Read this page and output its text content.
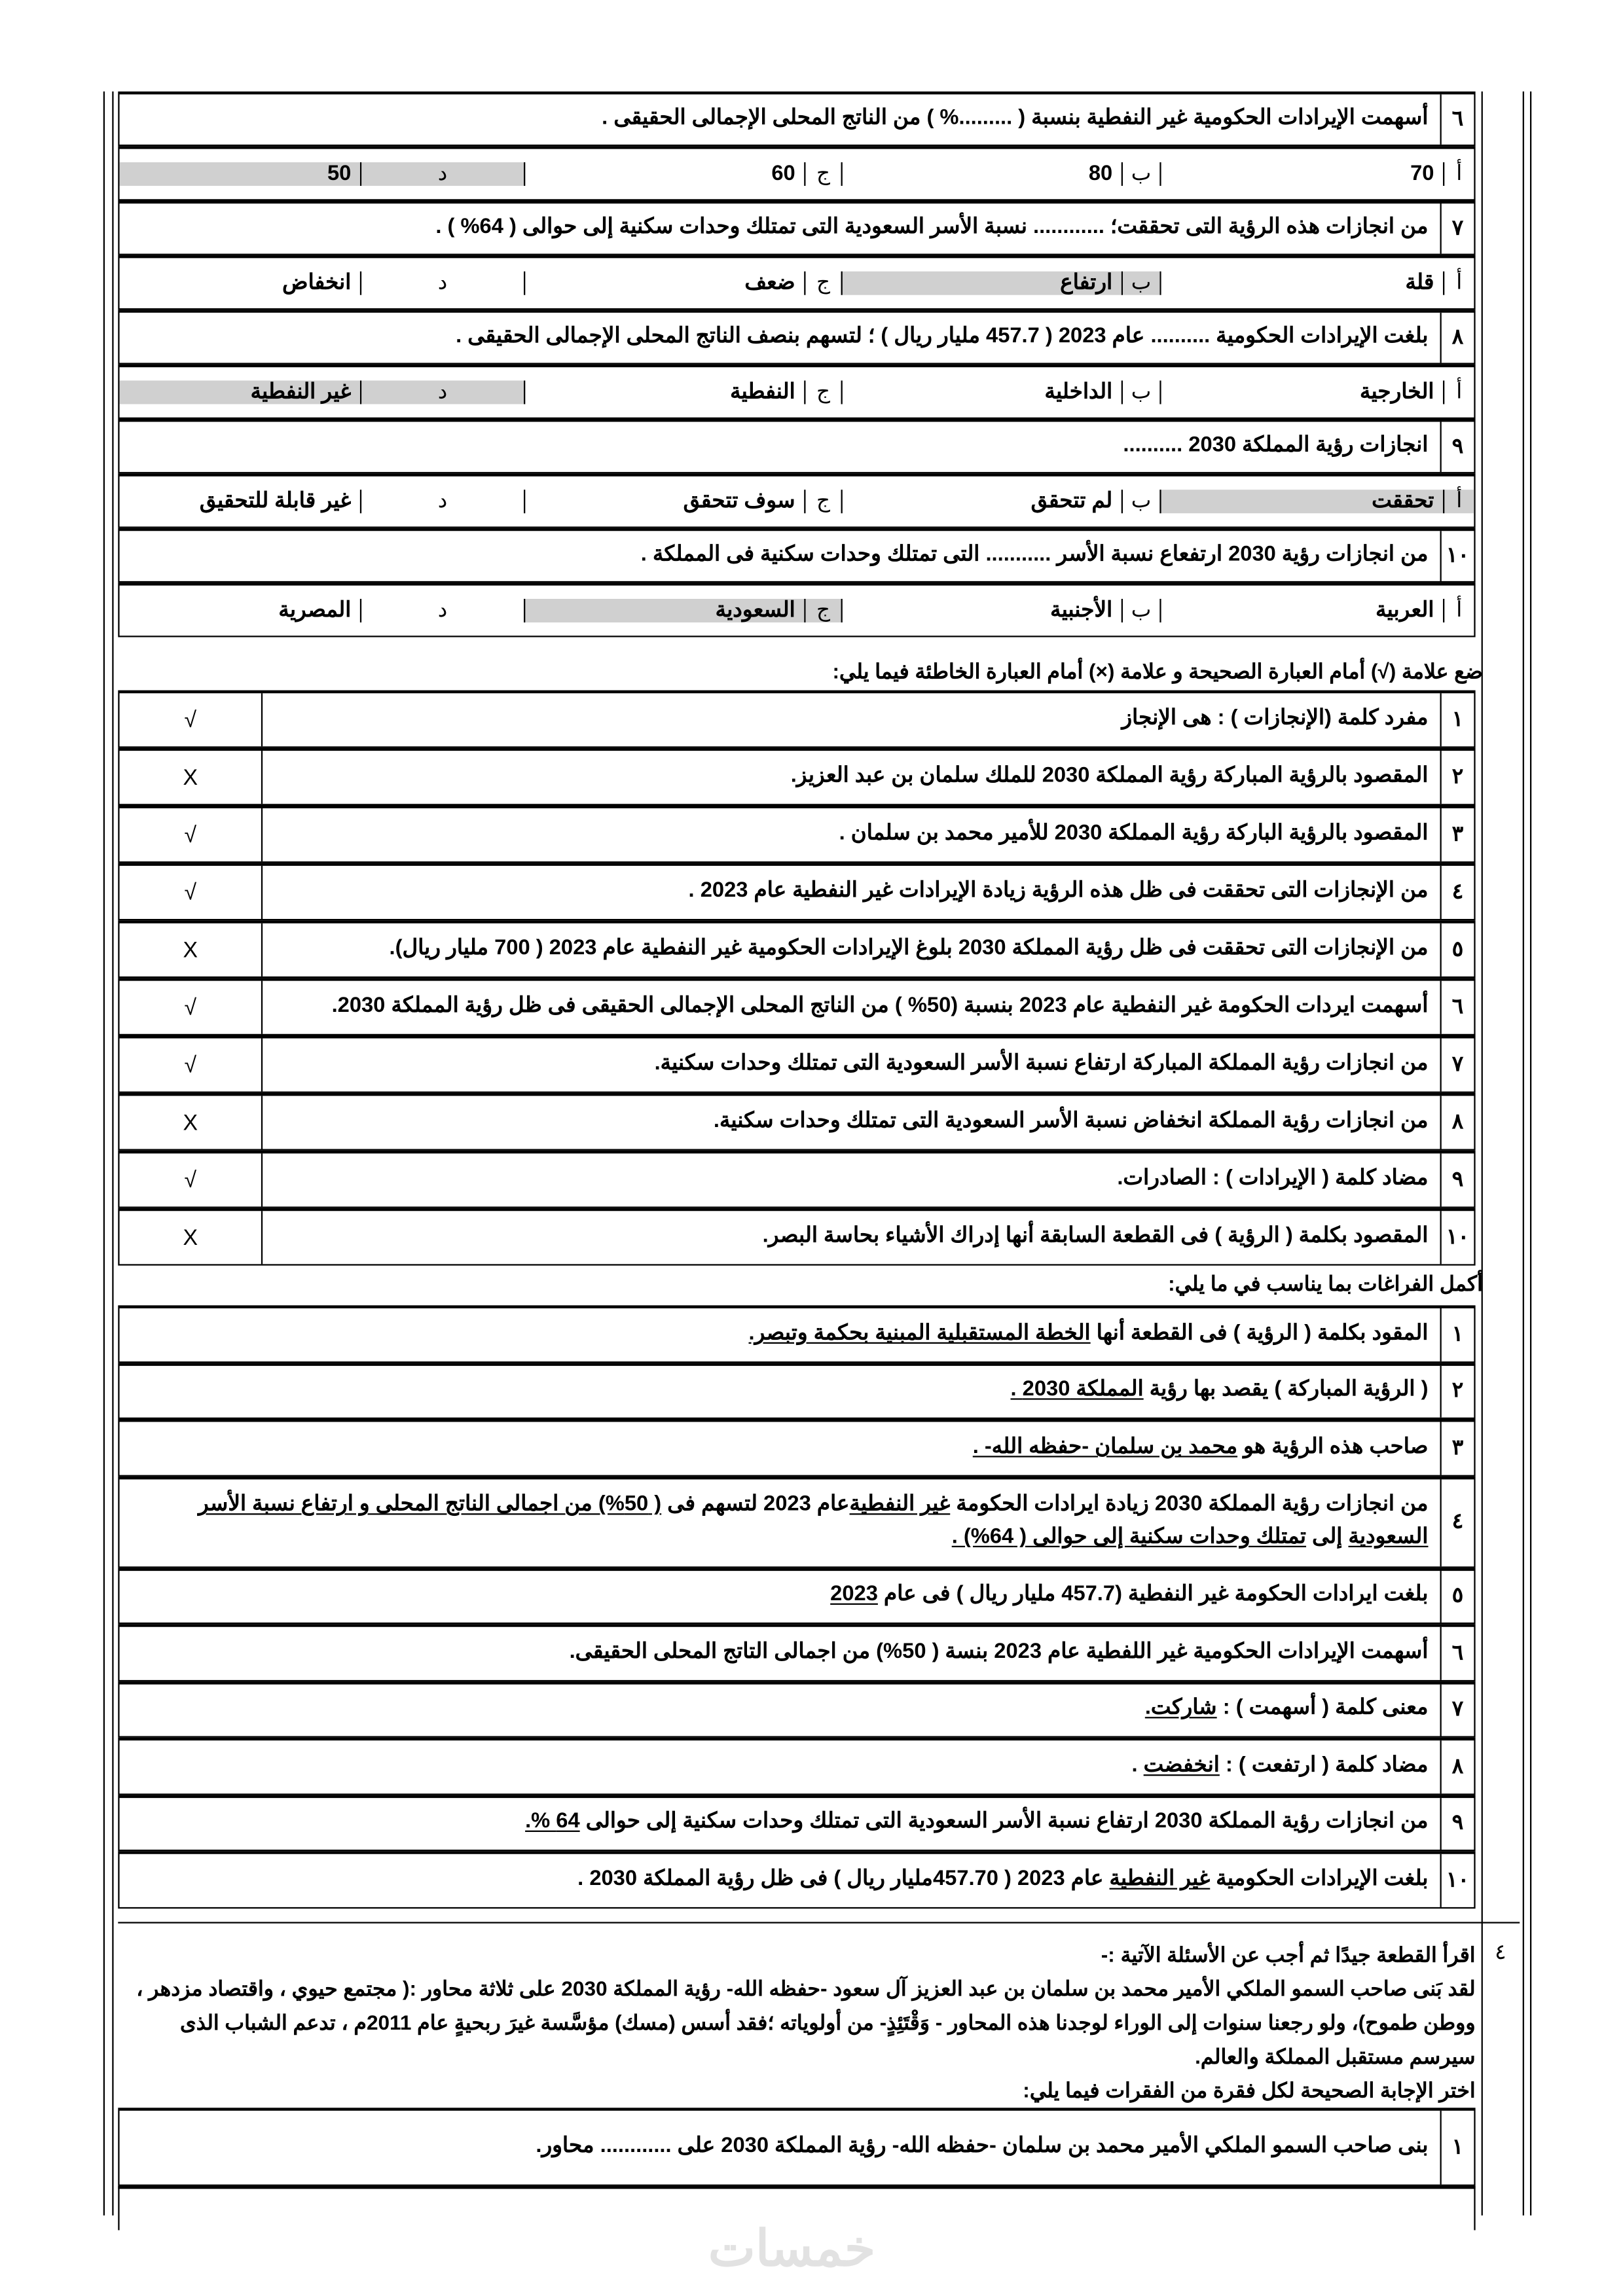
٦
أسهمت الإيرادات الحكومية غير النفطية بنسبة ( .........% ) من الناتج المحلى الإجمالى الحقيقى .
أ
70
ب
80
ج
60
د
50
٧
من انجازات هذه الرؤية التى تحققت؛ ............ نسبة الأسر السعودية التى تمتلك وحدات سكنية إلى حوالى ( 64% ) .
أ
قلة
ب
ارتفاع
ج
ضعف
د
انخفاض
٨
بلغت الإيرادات الحكومية .......... عام 2023 ( 457.7 مليار ريال ) ؛ لتسهم بنصف الناتج المحلى الإجمالى الحقيقى .
أ
الخارجية
ب
الداخلية
ج
النفطية
د
غير النفطية
٩
انجازات رؤية المملكة 2030 ..........
أ
تحققت
ب
لم تتحقق
ج
سوف تتحقق
د
غير قابلة للتحقيق
١٠
من انجازات رؤية 2030 ارتفعاع نسبة الأسر ........... التى تمتلك وحدات سكنية فى المملكة .
أ
العربية
ب
الأجنبية
ج
السعودية
د
المصرية
ضع علامة (√) أمام العبارة الصحيحة و علامة (×) أمام العبارة الخاطئة فيما يلي:
١
مفرد كلمة (الإنجازات ) : هى الإنجاز
√
٢
المقصود بالرؤية المباركة رؤية المملكة 2030 للملك سلمان بن عبد العزيز.
X
٣
المقصود بالرؤية الباركة رؤية المملكة 2030 للأمير محمد بن سلمان .
√
٤
من الإنجازات التى تحققت فى ظل هذه الرؤية زيادة الإيرادات غير النفطية عام 2023 .
√
٥
من الإنجازات التى تحققت فى ظل رؤية المملكة 2030 بلوغ الإيرادات الحكومية غير النفطية عام 2023 ( 700 مليار ريال).
X
٦
أسهمت ايردات الحكومة غير النفطية عام 2023 بنسبة (50% ) من الناتج المحلى الإجمالى الحقيقى فى ظل رؤية المملكة 2030.
√
٧
من انجازات رؤية المملكة المباركة ارتفاع نسبة الأسر السعودية التى تمتلك وحدات سكنية.
√
٨
من انجازات رؤية المملكة انخفاض نسبة الأسر السعودية التى تمتلك وحدات سكنية.
X
٩
مضاد كلمة ( الإيرادات ) : الصادرات.
√
١٠
المقصود بكلمة ( الرؤية ) فى القطعة السابقة أنها إدراك الأشياء بحاسة البصر.
X
أكمل الفراغات بما يناسب في ما يلي:
١
المقود بكلمة ( الرؤية ) فى القطعة أنها الخطة المستقبلية المبنية بحكمة وتبصر.
٢
( الرؤية المباركة ) يقصد بها رؤية المملكة 2030 .
٣
صاحب هذه الرؤية هو محمد بن سلمان -حفظه الله- .
٤
من انجازات رؤية المملكة 2030 زيادة ايرادات الحكومة غير النفطيةعام 2023 لتسهم فى ( 50%) من اجمالى الناتج المحلى و ارتفاع نسبة الأسر السعودية إلى تمتلك وحدات سكنية إلى حوالى ( 64%) .
٥
بلغت ايرادات الحكومة غير النفطية (457.7 مليار ريال ) فى عام 2023
٦
أسهمت الإيرادات الحكومية غير اللفطية عام 2023 بنسة ( 50%) من اجمالى التاتج المحلى الحقيقى.
٧
معنى كلمة ( أسهمت ) : شاركت.
٨
مضاد كلمة ( ارتفعت ) : انخفضت .
٩
من انجازات رؤية المملكة 2030 ارتفاع نسبة الأسر السعودية التى تمتلك وحدات سكنية إلى حوالى 64 %.
١٠
بلغت الإيرادات الحكومية غير النفطية عام 2023 ( 457.70مليار ريال ) فى ظل رؤية المملكة 2030 .
٤
اقرأ القطعة جيدًا ثم أجب عن الأسئلة الآتية :-
لقد بَنى صاحب السمو الملكي الأمير محمد بن سلمان بن عبد العزيز آل سعود -حفظه الله- رؤية المملكة 2030 على ثلاثة محاور :( مجتمع حيوي ، واقتصاد مزدهر ، ووطن طموح)، ولو رجعنا سنوات إلى الوراء لوجدنا هذه المحاور - وَقْتَئِذٍ- من أولوياته ؛فقد أسس (مسك) مؤسَّسة غيرَ ربحيةٍ عام 2011م ، تدعم الشباب الذى سيرسم مستقبل المملكة والعالم.
اختر الإجابة الصحيحة لكل فقرة من الفقرات فيما يلي:
١
بنى صاحب السمو الملكي الأمير محمد بن سلمان -حفظه الله- رؤية المملكة 2030 على ............ محاور.
خمسات
